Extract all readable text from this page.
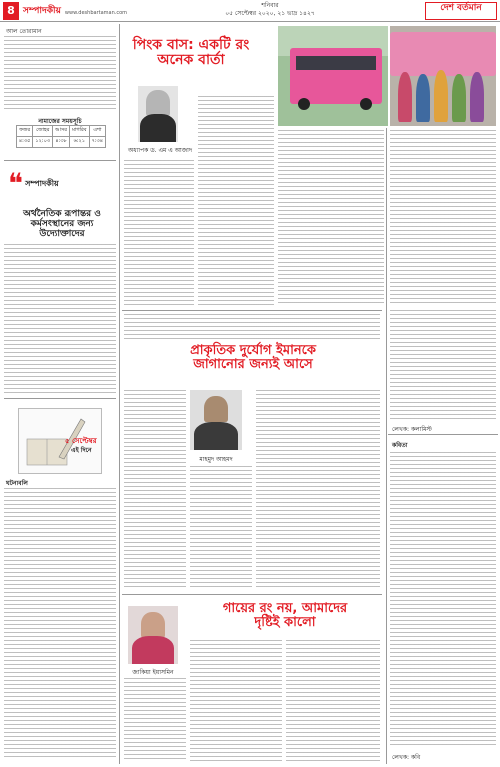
8 সম্পাদকীয় www.deshbartaman.com
শনিবার
০৫ সেপ্টেম্বর ২০২০, ২১ ভাদ্র ১৪২৭
দেশ বর্তমান
আল তোরামান
নামাজের সময়সূচি
ফজর	জোহর	আসর	মাগরিব	এশা
৪:৩৫	১২:০৩	৪:৩৮	৬:২১	৭:৩৪
❝ সম্পাদকীয়
অর্থনৈতিক রূপান্তর ও কর্মসংস্থানের জন্য উদ্যোক্তাদের
৫ সেপ্টেম্বর
এই দিনে
ঘটনাবলি
পিংক বাস: একটি রং
অনেক বার্তা
অধ্যাপক ড. এম এ আজাদ
প্রাকৃতিক দুর্যোগ ইমানকে
জাগানোর জন্যই আসে
মাহমুদ আহমদ
গায়ের রং নয়, আমাদের
দৃষ্টিই কালো
জাকিয়া ইয়াসমিন
লেখক: কলামিস্ট
কবিতা
লেখক: কবি
